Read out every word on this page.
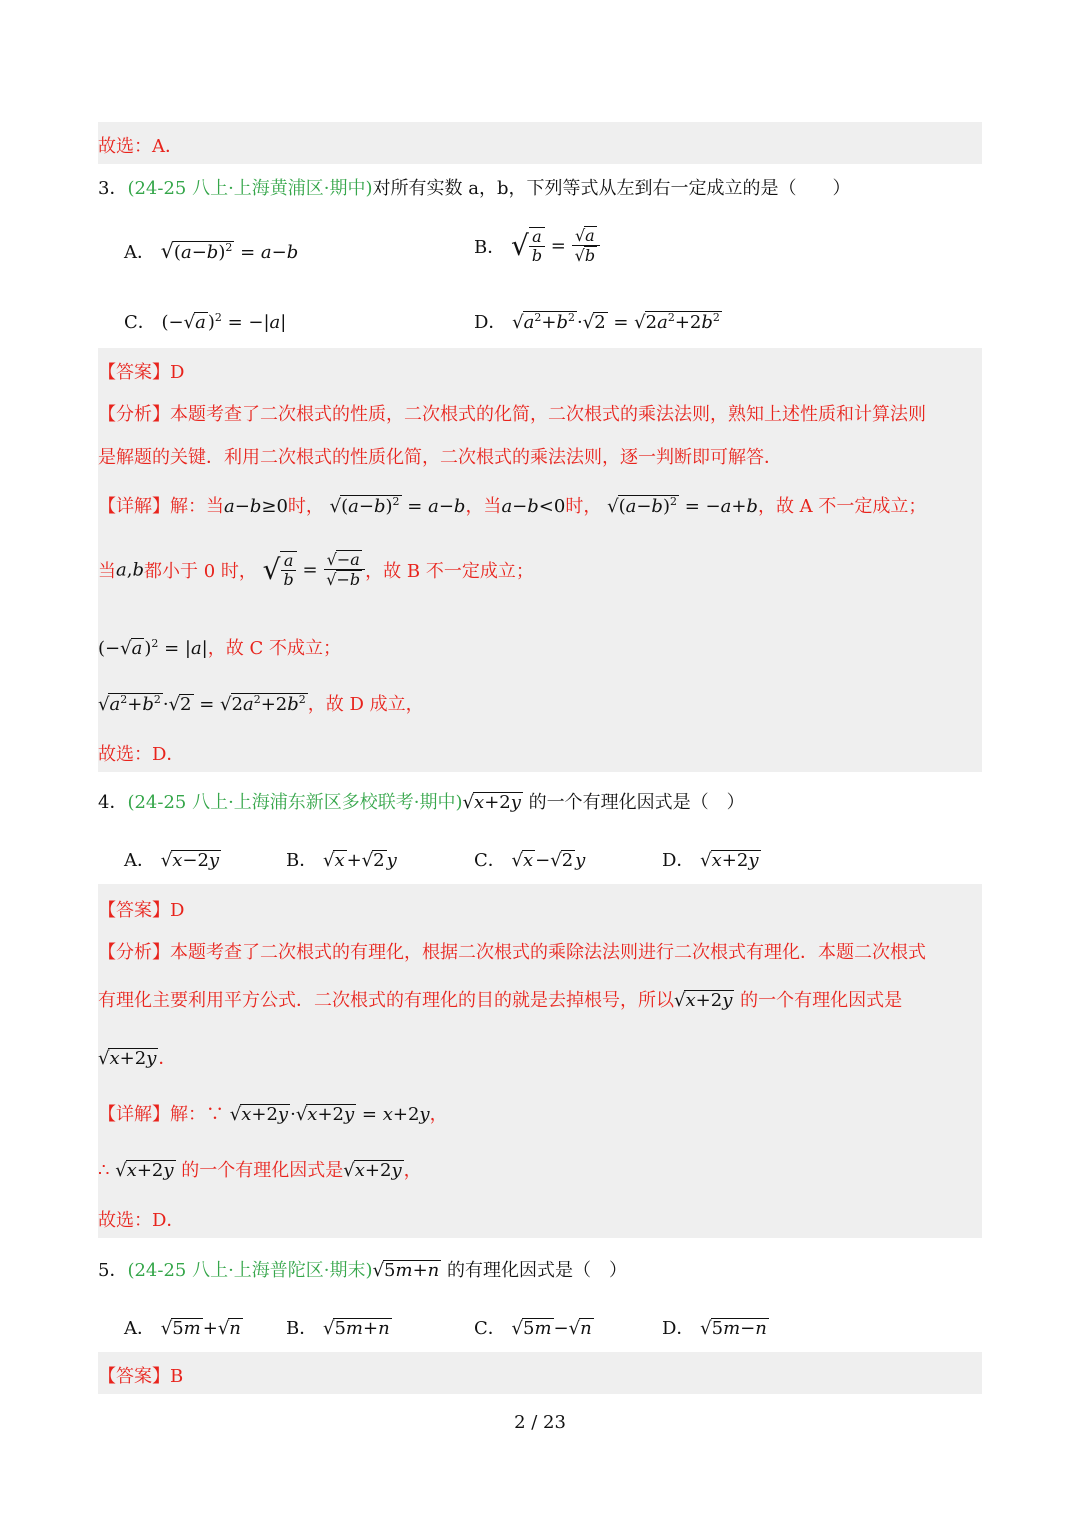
故选：A．
3．(24-25 八上·上海黄浦区·期中)对所有实数 a，b，下列等式从左到右一定成立的是（　　）
A． $√(a-b)^2 = a-b$	B． √ $\frac{a}{b} = \frac{√a}{√b}$
C． (−√a )$^2$ = −|a|	D． $√a^2+b^2 \cdot√2 = √2a^2+2b^2$
【答案】D
【分析】本题考查了二次根式的性质，二次根式的化简，二次根式的乘法法则，熟知上述性质和计算法则
是解题的关键．利用二次根式的性质化简，二次根式的乘法法则，逐一判断即可解答．
【详解】解：当a−b≥0时， $√(a-b)^2 = a-b$，当a−b<0时， $√(a-b)^2 = -a+b$，故 A 不一定成立；
当a,b都小于 0 时， √ $\frac{a}{b} = \frac{√-a}{√-b}$ ，故 B 不一定成立；
(−√a )$^2$ = |a|，故 C 不成立；
$√a^2+b^2 \cdot√2 = √2a^2+2b^2$ ，故 D 成立，
故选：D．
4．(24-25 八上·上海浦东新区多校联考·期中)√x+2y 的一个有理化因式是（　）
A． √x−2y	B． √x +√2 y	C． √x −√2 y	D． √x+2y
【答案】D
【分析】本题考查了二次根式的有理化，根据二次根式的乘除法法则进行二次根式有理化．本题二次根式
有理化主要利用平方公式．二次根式的有理化的目的就是去掉根号，所以√x+2y 的一个有理化因式是
√x+2y ．
【详解】解：∵ √x+2y ·√x+2y = x+2y，
∴ √x+2y 的一个有理化因式是√x+2y ，
故选：D．
5．(24-25 八上·上海普陀区·期末)√5m+n 的有理化因式是（　）
A． √5m +√n	B． √5m+n	C． √5m −√n	D． √5m−n
【答案】B
2 / 23
